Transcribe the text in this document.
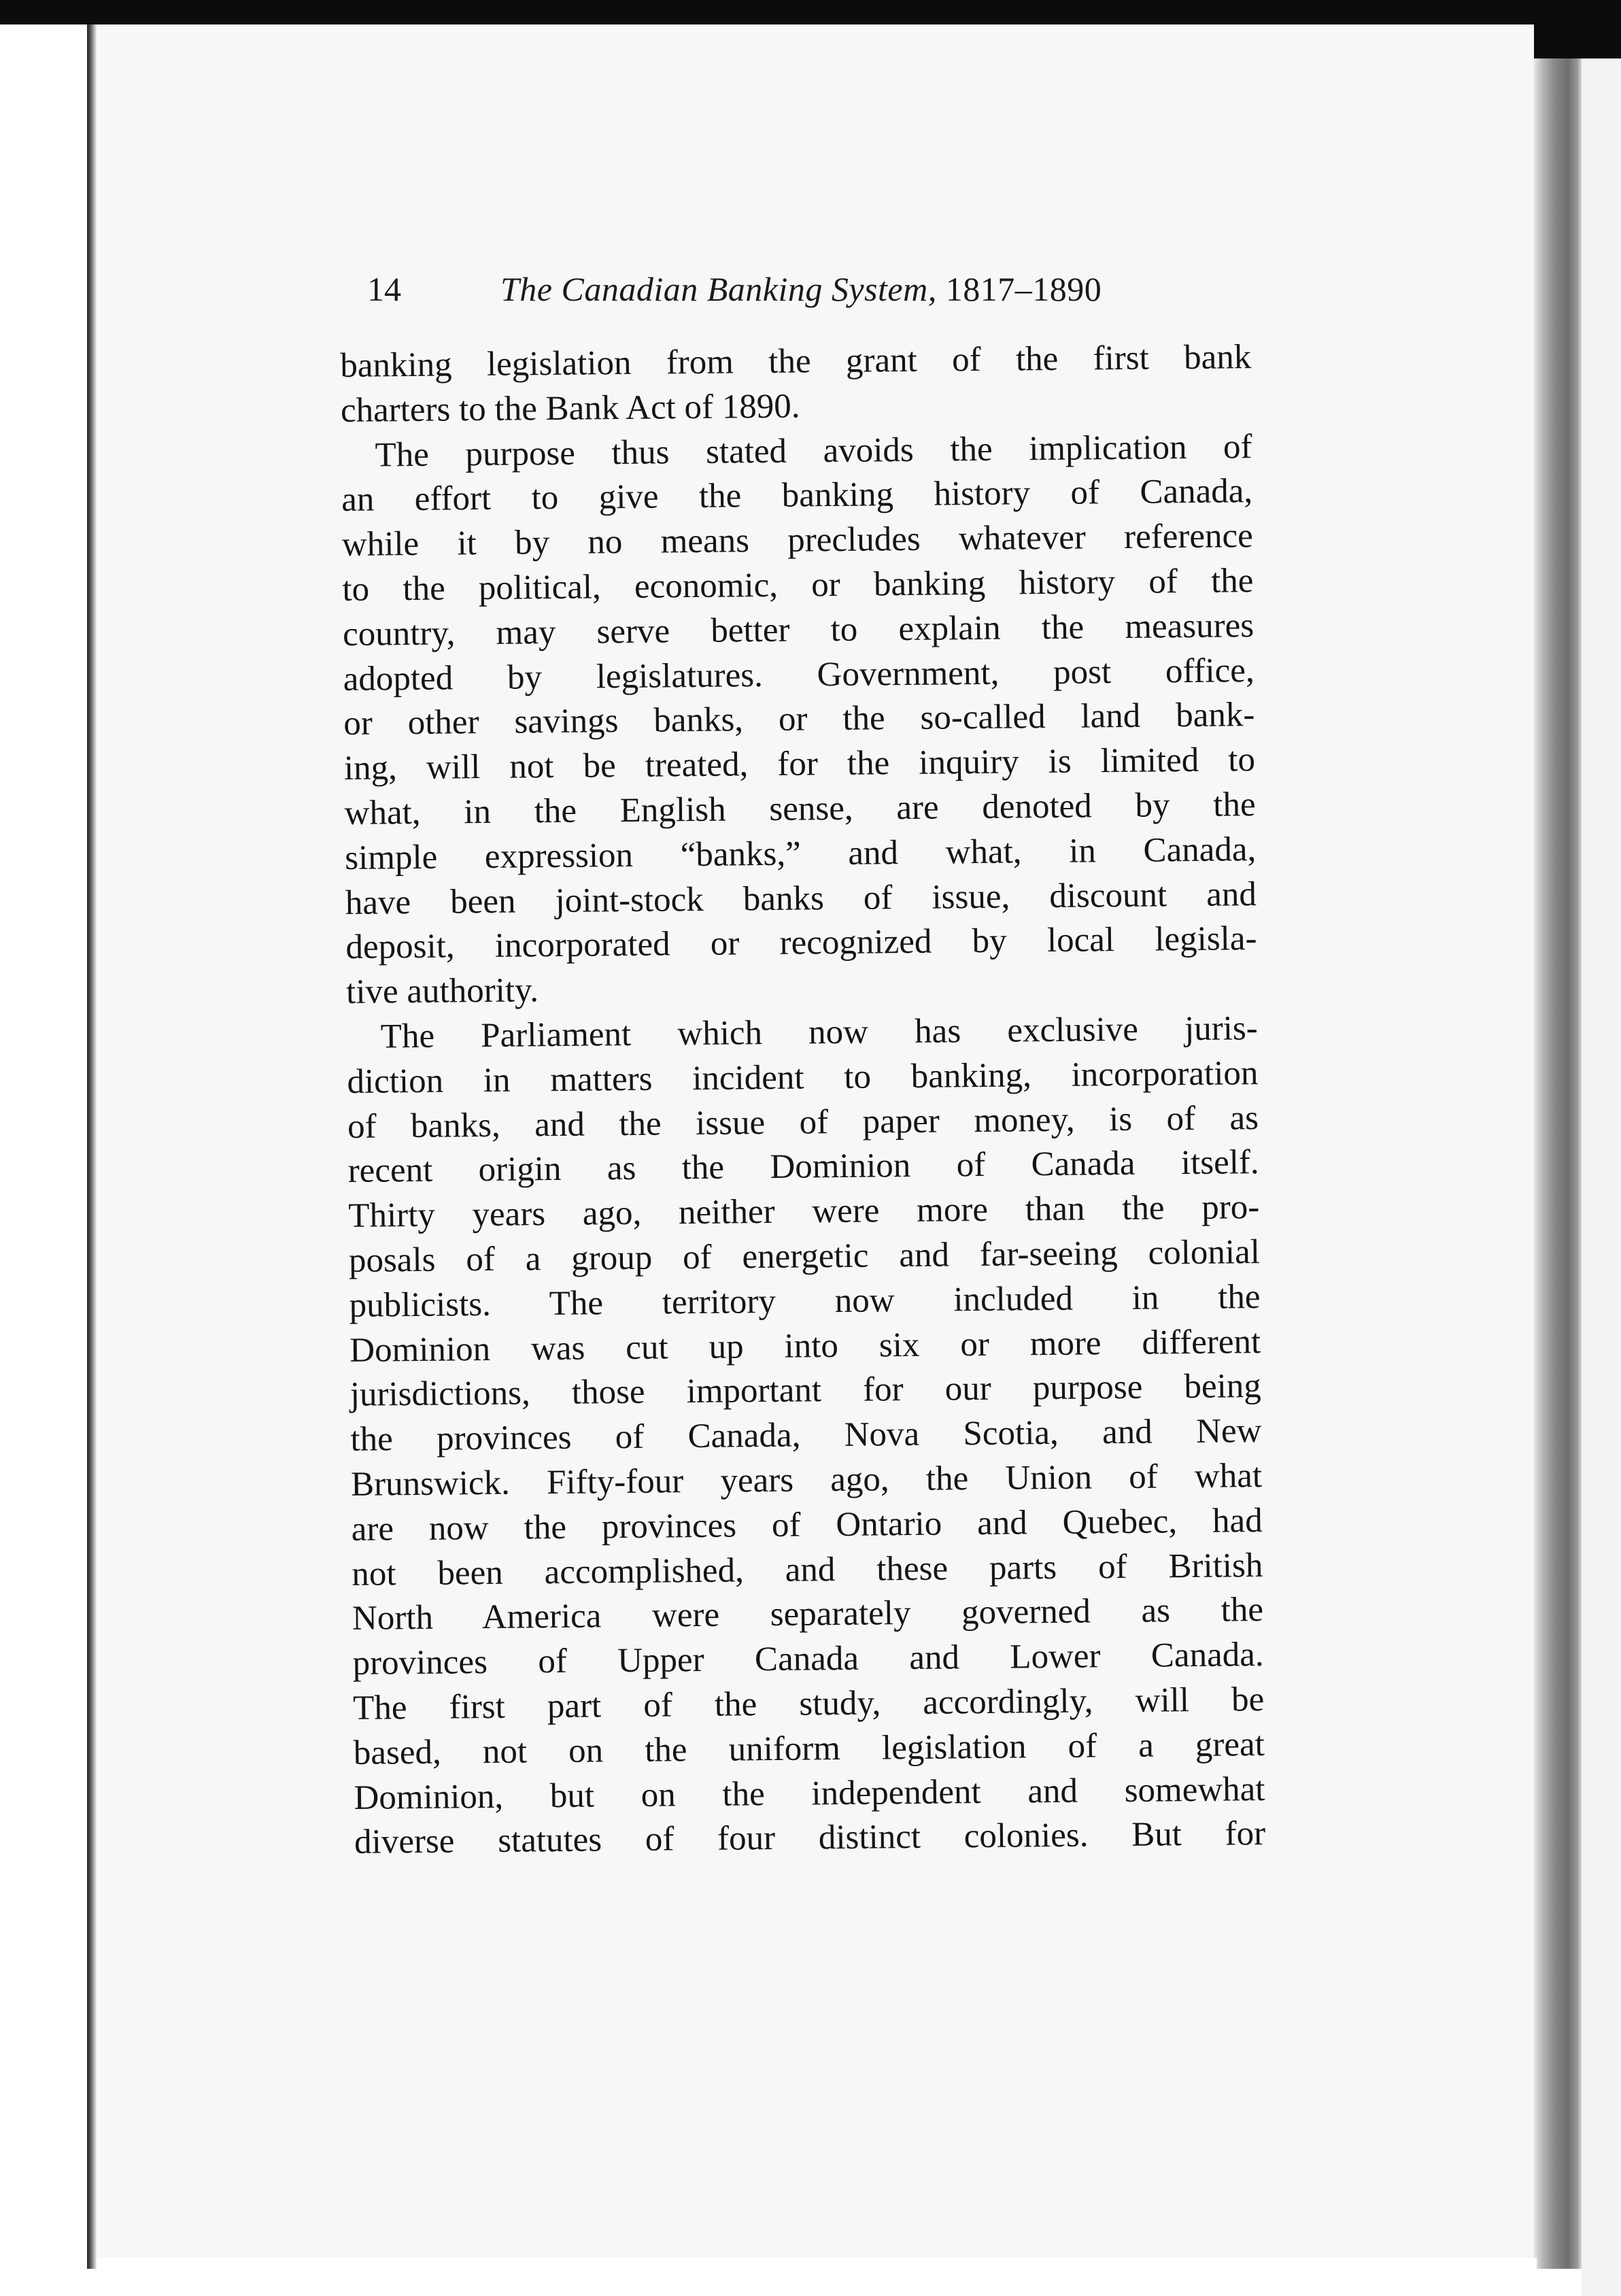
14	The Canadian Banking System, 1817–1890
banking legislation from the grant of the first bank
charters to the Bank Act of 1890.
The purpose thus stated avoids the implication of
an effort to give the banking history of Canada,
while it by no means precludes whatever reference
to the political, economic, or banking history of the
country, may serve better to explain the measures
adopted by legislatures. Government, post office,
or other savings banks, or the so-called land bank-
ing, will not be treated, for the inquiry is limited to
what, in the English sense, are denoted by the
simple expression “banks,” and what, in Canada,
have been joint-stock banks of issue, discount and
deposit, incorporated or recognized by local legisla-
tive authority.
The Parliament which now has exclusive juris-
diction in matters incident to banking, incorporation
of banks, and the issue of paper money, is of as
recent origin as the Dominion of Canada itself.
Thirty years ago, neither were more than the pro-
posals of a group of energetic and far-seeing colonial
publicists. The territory now included in the
Dominion was cut up into six or more different
jurisdictions, those important for our purpose being
the provinces of Canada, Nova Scotia, and New
Brunswick. Fifty-four years ago, the Union of what
are now the provinces of Ontario and Quebec, had
not been accomplished, and these parts of British
North America were separately governed as the
provinces of Upper Canada and Lower Canada.
The first part of the study, accordingly, will be
based, not on the uniform legislation of a great
Dominion, but on the independent and somewhat
diverse statutes of four distinct colonies. But for
